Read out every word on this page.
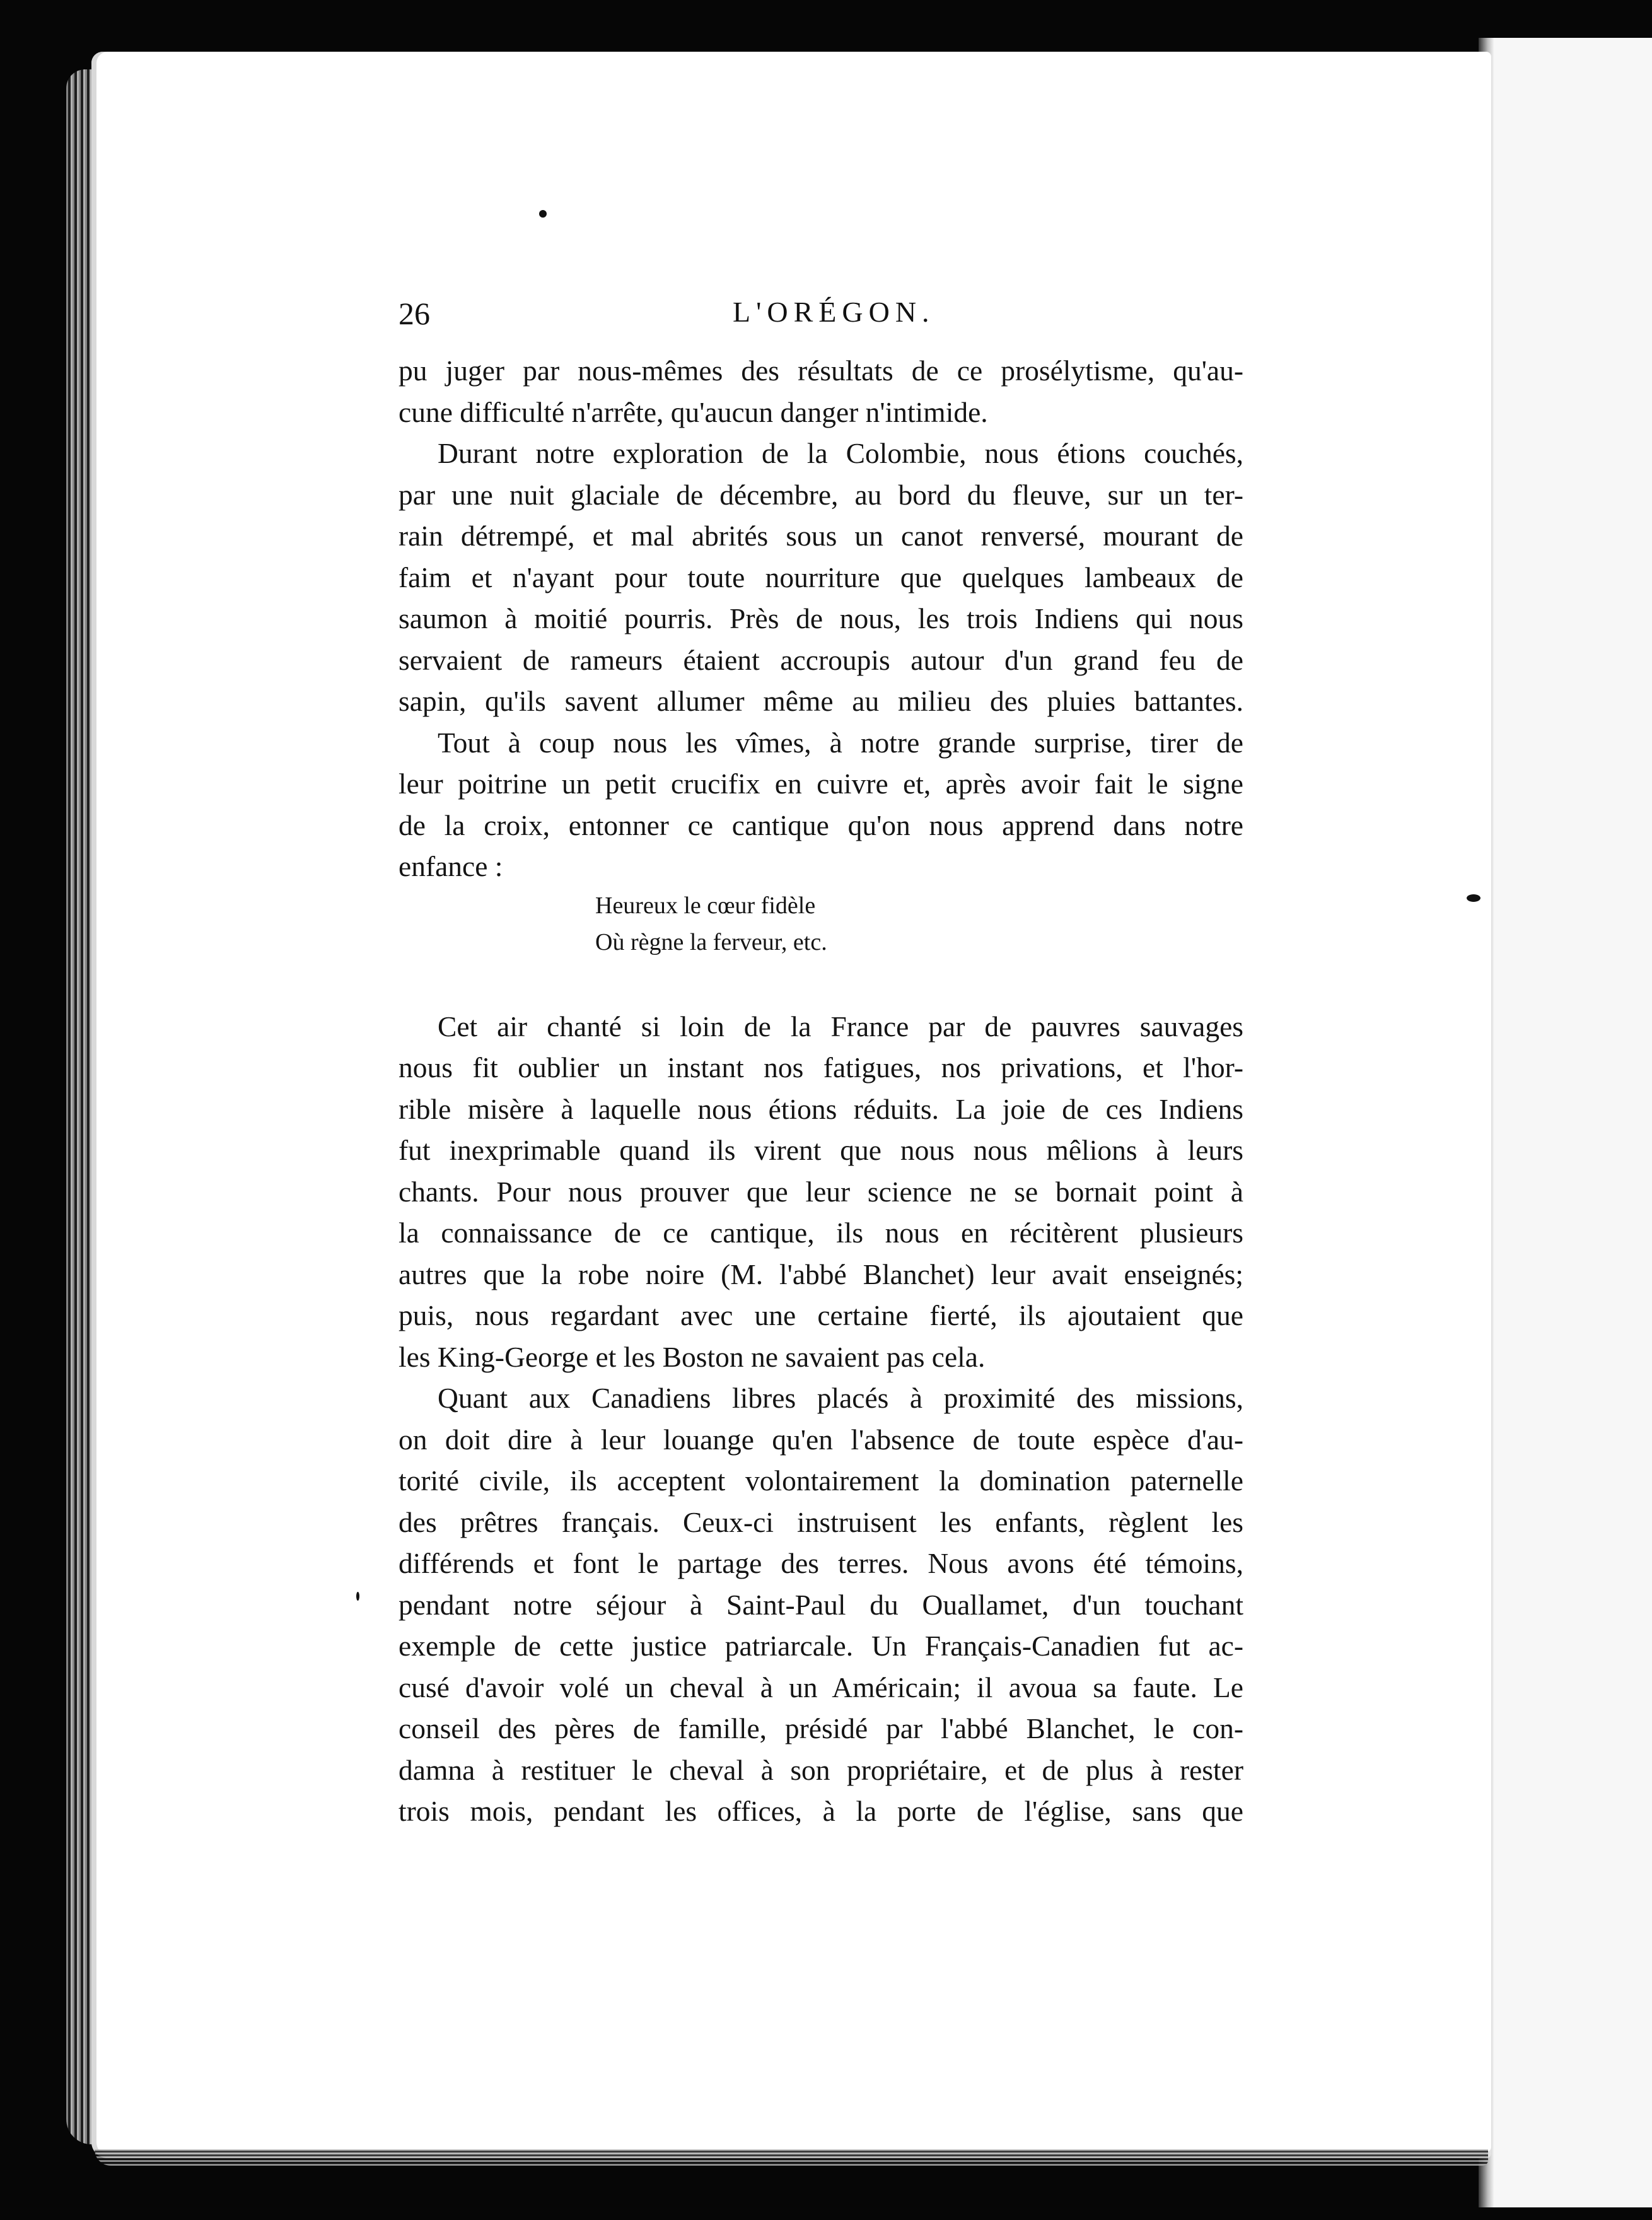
26	L'ORÉGON.
pu juger par nous-mêmes des résultats de ce prosélytisme, qu'au-
cune difficulté n'arrête, qu'aucun danger n'intimide.
Durant notre exploration de la Colombie, nous étions couchés,
par une nuit glaciale de décembre, au bord du fleuve, sur un ter-
rain détrempé, et mal abrités sous un canot renversé, mourant de
faim et n'ayant pour toute nourriture que quelques lambeaux de
saumon à moitié pourris. Près de nous, les trois Indiens qui nous
servaient de rameurs étaient accroupis autour d'un grand feu de
sapin, qu'ils savent allumer même au milieu des pluies battantes.
Tout à coup nous les vîmes, à notre grande surprise, tirer de
leur poitrine un petit crucifix en cuivre et, après avoir fait le signe
de la croix, entonner ce cantique qu'on nous apprend dans notre
enfance :
Heureux le cœur fidèle
Où règne la ferveur, etc.
Cet air chanté si loin de la France par de pauvres sauvages
nous fit oublier un instant nos fatigues, nos privations, et l'hor-
rible misère à laquelle nous étions réduits. La joie de ces Indiens
fut inexprimable quand ils virent que nous nous mêlions à leurs
chants. Pour nous prouver que leur science ne se bornait point à
la connaissance de ce cantique, ils nous en récitèrent plusieurs
autres que la robe noire (M. l'abbé Blanchet) leur avait enseignés;
puis, nous regardant avec une certaine fierté, ils ajoutaient que
les King-George et les Boston ne savaient pas cela.
Quant aux Canadiens libres placés à proximité des missions,
on doit dire à leur louange qu'en l'absence de toute espèce d'au-
torité civile, ils acceptent volontairement la domination paternelle
des prêtres français. Ceux-ci instruisent les enfants, règlent les
différends et font le partage des terres. Nous avons été témoins,
pendant notre séjour à Saint-Paul du Ouallamet, d'un touchant
exemple de cette justice patriarcale. Un Français-Canadien fut ac-
cusé d'avoir volé un cheval à un Américain; il avoua sa faute. Le
conseil des pères de famille, présidé par l'abbé Blanchet, le con-
damna à restituer le cheval à son propriétaire, et de plus à rester
trois mois, pendant les offices, à la porte de l'église, sans que
